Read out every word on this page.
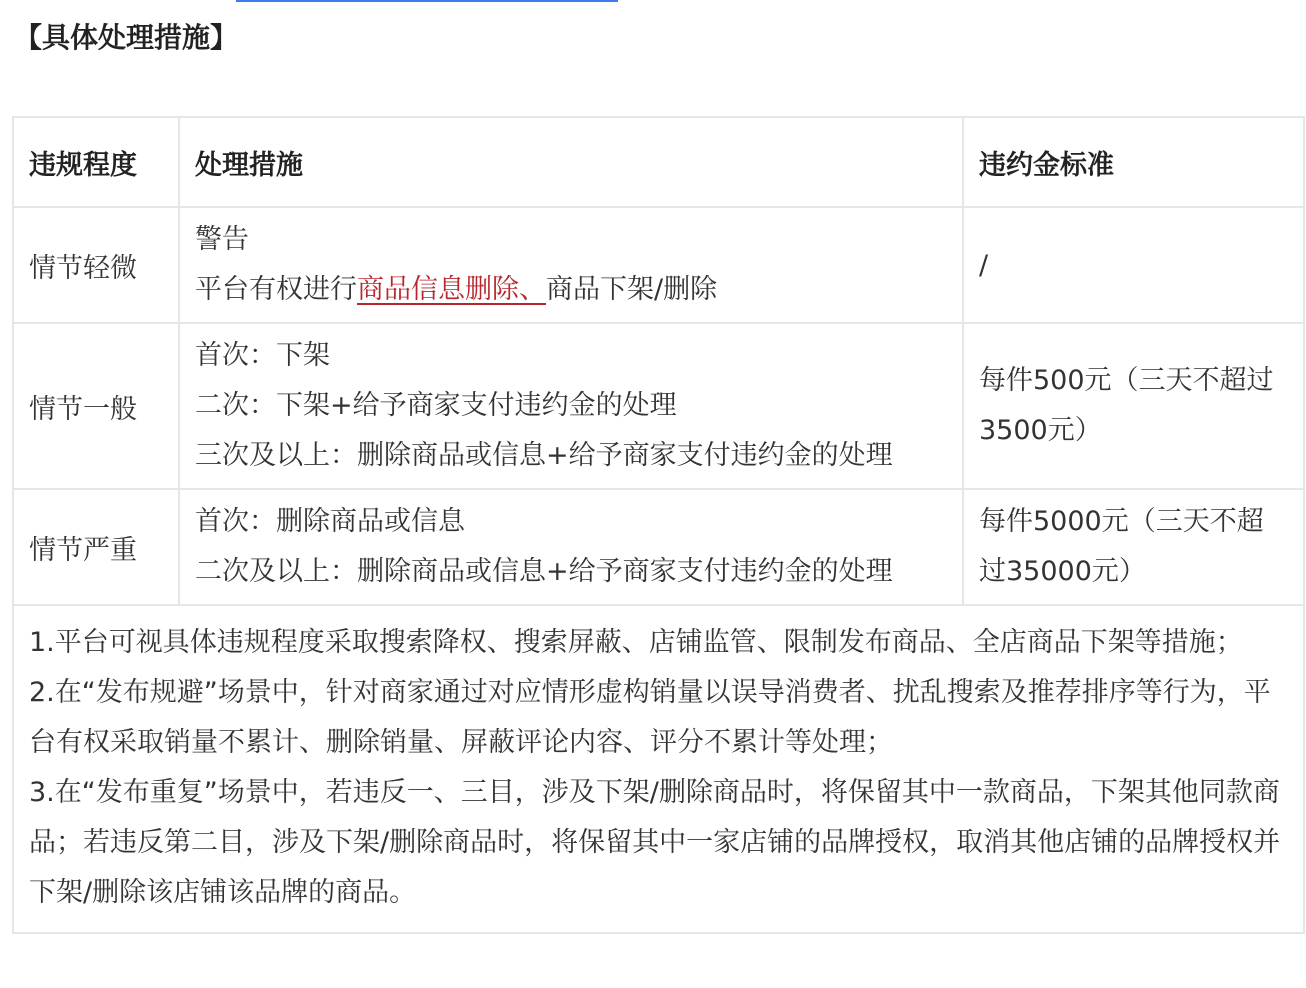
【具体处理措施】
违规程度	处理措施	违约金标准
情节轻微	警告
平台有权进行商品信息删除、商品下架/删除	/
情节一般	首次：下架
二次：下架+给予商家支付违约金的处理
三次及以上：删除商品或信息+给予商家支付违约金的处理	每件500元（三天不超过3500元）
情节严重	首次：删除商品或信息
二次及以上：删除商品或信息+给予商家支付违约金的处理	每件5000元（三天不超过35000元）

1.平台可视具体违规程度采取搜索降权、搜索屏蔽、店铺监管、限制发布商品、全店商品下架等措施；
2.在“发布规避”场景中，针对商家通过对应情形虚构销量以误导消费者、扰乱搜索及推荐排序等行为，平台有权采取销量不累计、删除销量、屏蔽评论内容、评分不累计等处理；
3.在“发布重复”场景中，若违反一、三目，涉及下架/删除商品时，将保留其中一款商品，下架其他同款商品；若违反第二目，涉及下架/删除商品时，将保留其中一家店铺的品牌授权，取消其他店铺的品牌授权并下架/删除该店铺该品牌的商品。		
